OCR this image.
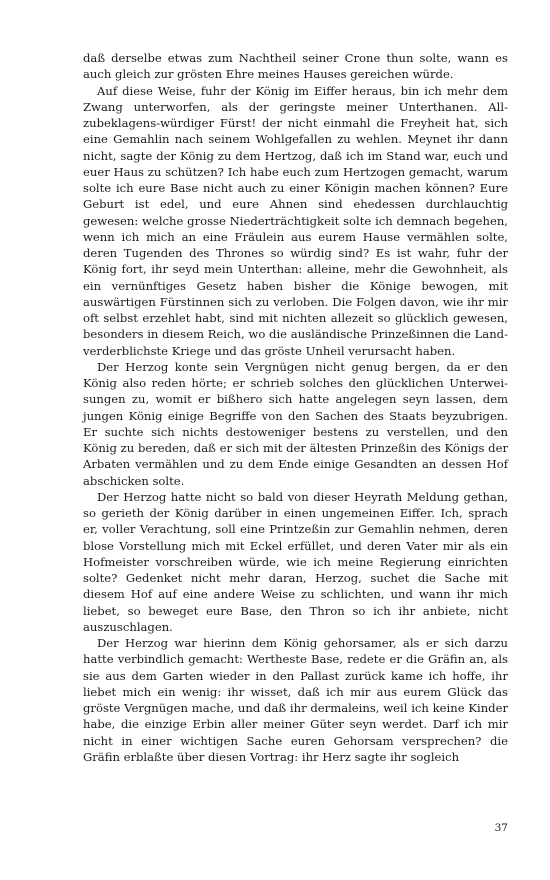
daß derselbe etwas zum Nachtheil seiner Crone thun solte, wann es auch gleich zur grösten Ehre meines Hauses gereichen würde.

Auf diese Weise, fuhr der König im Eiffer heraus, bin ich mehr dem Zwang unterworfen, als der geringste meiner Unterthanen. Allzubeklagens-würdiger Fürst! der nicht einmahl die Freyheit hat, sich eine Gemahlin nach seinem Wohlgefallen zu wehlen. Meynet ihr dann nicht, sagte der König zu dem Hertzog, daß ich im Stand war, euch und euer Haus zu schützen? Ich habe euch zum Hertzogen gemacht, warum solte ich eure Base nicht auch zu einer Königin machen können? Eure Geburt ist edel, und eure Ahnen sind ehedessen durchlauchtig gewesen: welche grosse Niederträchtigkeit solte ich demnach begehen, wenn ich mich an eine Fräulein aus eurem Hause vermählen solte, deren Tugenden des Thrones so würdig sind? Es ist wahr, fuhr der König fort, ihr seyd mein Unterthan: alleine, mehr die Gewohnheit, als ein vernünftiges Gesetz haben bisher die Könige bewogen, mit auswärtigen Fürstinnen sich zu verloben. Die Folgen davon, wie ihr mir oft selbst erzehlet habt, sind mit nichten allezeit so glücklich gewesen, besonders in diesem Reich, wo die ausländische Prinzeßinnen die Land-verderblichste Kriege und das gröste Unheil verursacht haben.

Der Herzog konte sein Vergnügen nicht genug bergen, da er den König also reden hörte; er schrieb solches den glücklichen Unterweisungen zu, womit er bißhero sich hatte angelegen seyn lassen, dem jungen König einige Begriffe von den Sachen des Staats beyzubrigen. Er suchte sich nichts destoweniger bestens zu verstellen, und den König zu bereden, daß er sich mit der ältesten Prinzeßin des Königs der Arbaten vermählen und zu dem Ende einige Gesandten an dessen Hof abschicken solte.

Der Herzog hatte nicht so bald von dieser Heyrath Meldung gethan, so gerieth der König darüber in einen ungemeinen Eiffer. Ich, sprach er, voller Verachtung, soll eine Printzeßin zur Gemahlin nehmen, deren blose Vorstellung mich mit Eckel erfüllet, und deren Vater mir als ein Hofmeister vorschreiben würde, wie ich meine Regierung einrichten solte? Gedenket nicht mehr daran, Herzog, suchet die Sache mit diesem Hof auf eine andere Weise zu schlichten, und wann ihr mich liebet, so beweget eure Base, den Thron so ich ihr anbiete, nicht auszuschlagen.

Der Herzog war hierinn dem König gehorsamer, als er sich darzu hatte verbindlich gemacht: Wertheste Base, redete er die Gräfin an, als sie aus dem Garten wieder in den Pallast zurück kame ich hoffe, ihr liebet mich ein wenig: ihr wisset, daß ich mir aus eurem Glück das gröste Vergnügen mache, und daß ihr dermaleins, weil ich keine Kinder habe, die einzige Erbin aller meiner Güter seyn werdet. Darf ich mir nicht in einer wichtigen Sache euren Gehorsam versprechen? die Gräfin erblaßte über diesen Vortrag: ihr Herz sagte ihr sogleich

37
